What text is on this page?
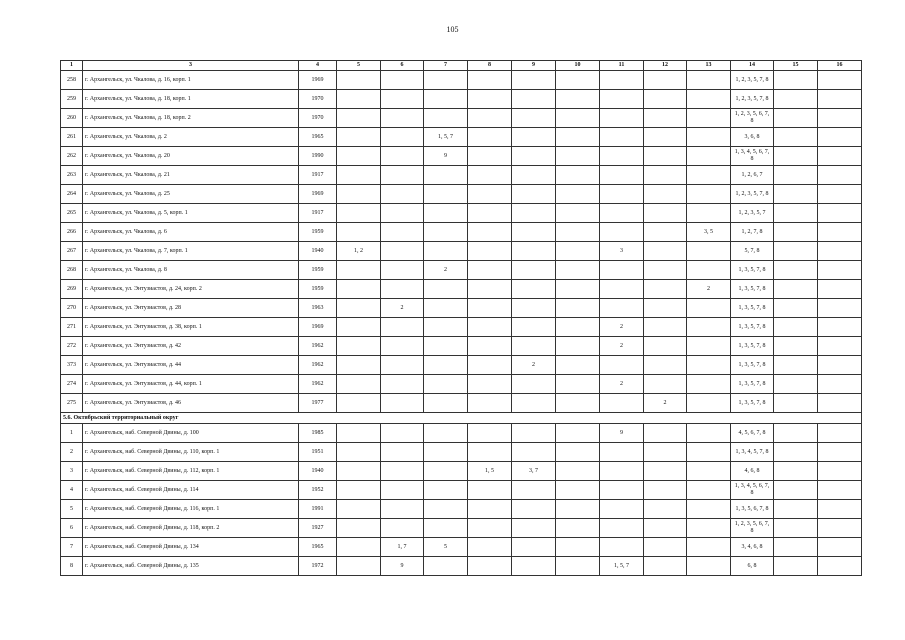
105
1	3	4	5	6	7	8	9	10	11	12	13	14	15	16
258	г. Архангельск, ул. Чкалова, д. 16, корп. 1	1969										1, 2, 3, 5, 7, 8		
259	г. Архангельск, ул. Чкалова, д. 18, корп. 1	1970										1, 2, 3, 5, 7, 8		
260	г. Архангельск, ул. Чкалова, д. 18, корп. 2	1970										1, 2, 3, 5, 6, 7, 8		
261	г. Архангельск, ул. Чкалова, д. 2	1965			1, 5, 7							3, 6, 8		
262	г. Архангельск, ул. Чкалова, д. 20	1990			9							1, 3, 4, 5, 6, 7, 8		
263	г. Архангельск, ул. Чкалова, д. 21	1917										1, 2, 6, 7		
264	г. Архангельск, ул. Чкалова, д. 25	1969										1, 2, 3, 5, 7, 8		
265	г. Архангельск, ул. Чкалова, д. 5, корп. 1	1917										1, 2, 3, 5, 7		
266	г. Архангельск, ул. Чкалова, д. 6	1959									3, 5	1, 2, 7, 8		
267	г. Архангельск, ул. Чкалова, д. 7, корп. 1	1940	1, 2						3			5, 7, 8		
268	г. Архангельск, ул. Чкалова, д. 8	1959			2							1, 3, 5, 7, 8		
269	г. Архангельск, ул. Энтузиастов, д. 24, корп. 2	1959									2	1, 3, 5, 7, 8		
270	г. Архангельск, ул. Энтузиастов, д. 28	1963		2								1, 3, 5, 7, 8		
271	г. Архангельск, ул. Энтузиастов, д. 38, корп. 1	1969							2			1, 3, 5, 7, 8		
272	г. Архангельск, ул. Энтузиастов, д. 42	1962							2			1, 3, 5, 7, 8		
373	г. Архангельск, ул. Энтузиастов, д. 44	1962					2					1, 3, 5, 7, 8		
274	г. Архангельск, ул. Энтузиастов, д. 44, корп. 1	1962							2			1, 3, 5, 7, 8		
275	г. Архангельск, ул. Энтузиастов, д. 46	1977								2		1, 3, 5, 7, 8		
5.6. Октябрьский территориальный округ														
1	г. Архангельск, наб. Северной Двины, д. 100	1985							9			4, 5, 6, 7, 8		
2	г. Архангельск, наб. Северной Двины, д. 110, корп. 1	1951										1, 3, 4, 5, 7, 8		
3	г. Архангельск, наб. Северной Двины, д. 112, корп. 1	1940				1, 5	3, 7					4, 6, 8		
4	г. Архангельск, наб. Северной Двины, д. 114	1952										1, 3, 4, 5, 6, 7, 8		
5	г. Архангельск, наб. Северной Двины, д. 116, корп. 1	1991										1, 3, 5, 6, 7, 8		
6	г. Архангельск, наб. Северной Двины, д. 118, корп. 2	1927										1, 2, 3, 5, 6, 7, 8		
7	г. Архангельск, наб. Северной Двины, д. 134	1965		1, 7	5							3, 4, 6, 8		
8	г. Архангельск, наб. Северной Двины, д. 135	1972		9					1, 5, 7			6, 8		
